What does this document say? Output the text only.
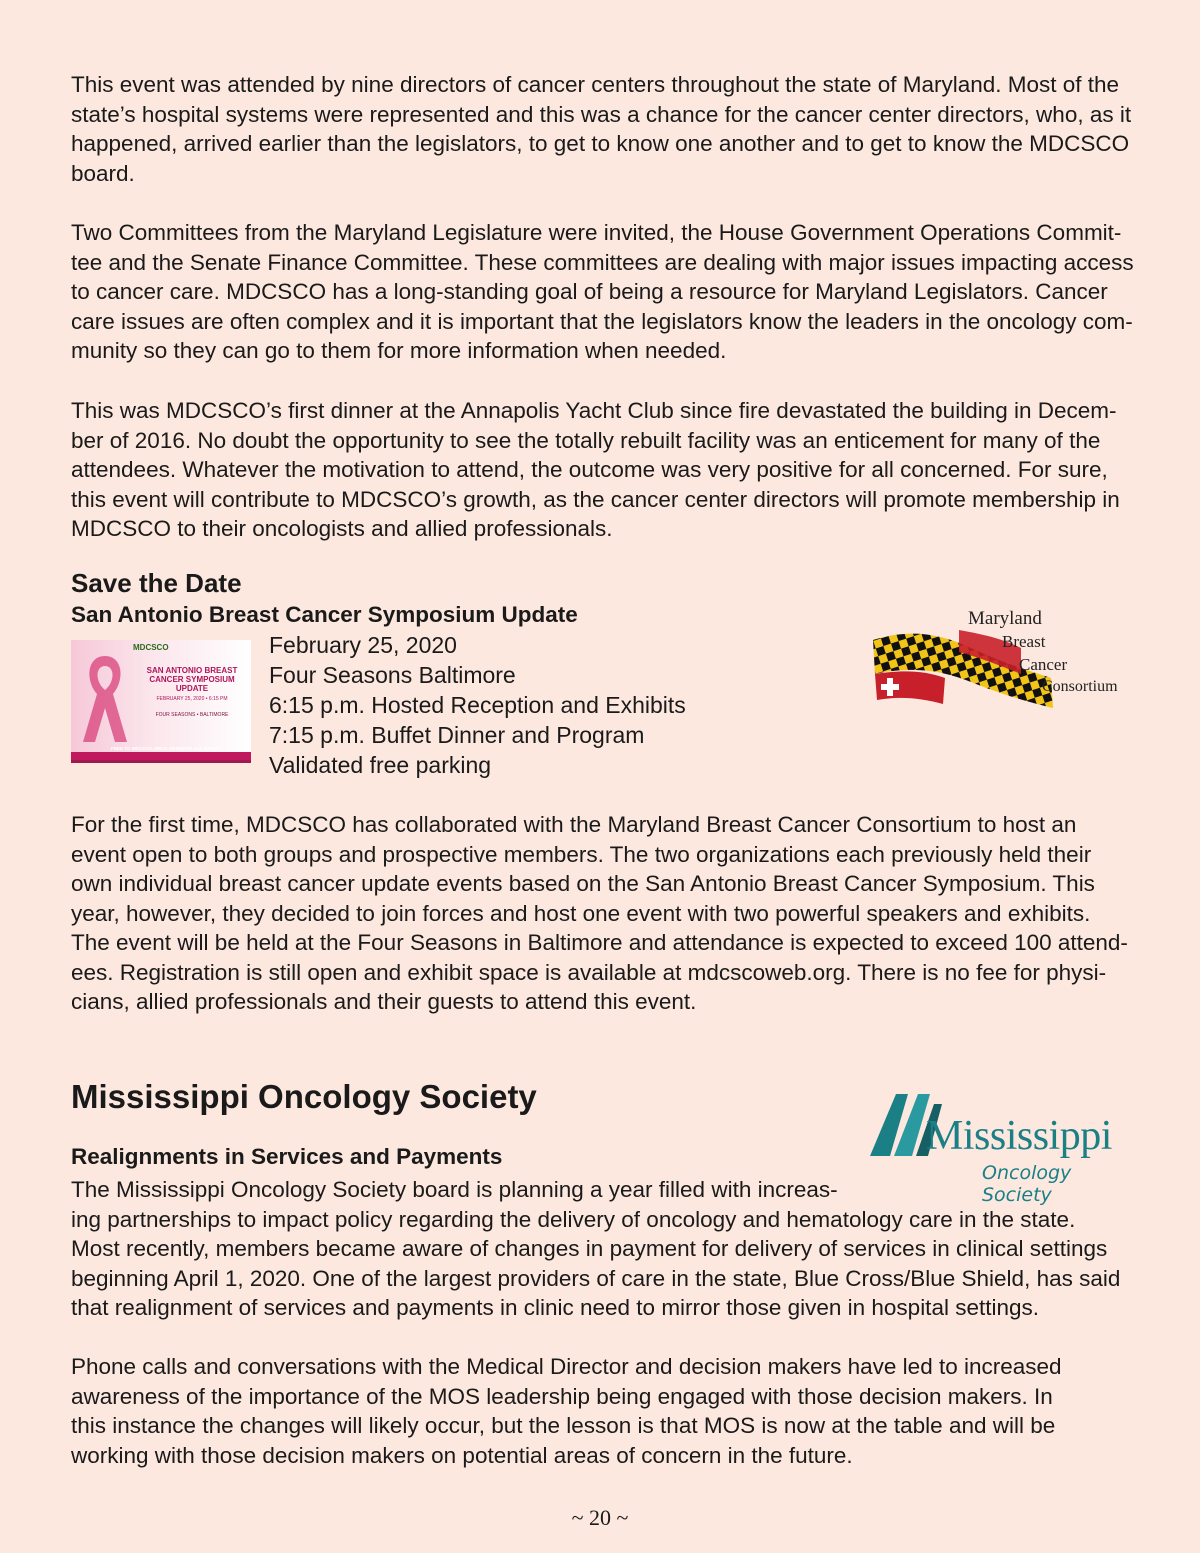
This event was attended by nine directors of cancer centers throughout the state of Maryland. Most of the
state’s hospital systems were represented and this was a chance for the cancer center directors, who, as it
happened, arrived earlier than the legislators, to get to know one another and to get to know the MDCSCO
board.

Two Committees from the Maryland Legislature were invited, the House Government Operations Commit-
tee and the Senate Finance Committee. These committees are dealing with major issues impacting access
to cancer care. MDCSCO has a long-standing goal of being a resource for Maryland Legislators. Cancer
care issues are often complex and it is important that the legislators know the leaders in the oncology com-
munity so they can go to them for more information when needed.

This was MDCSCO’s first dinner at the Annapolis Yacht Club since fire devastated the building in Decem-
ber of 2016. No doubt the opportunity to see the totally rebuilt facility was an enticement for many of the
attendees. Whatever the motivation to attend, the outcome was very positive for all concerned. For sure,
this event will contribute to MDCSCO’s growth, as the cancer center directors will promote membership in
MDCSCO to their oncologists and allied professionals.

Save the Date
San Antonio Breast Cancer Symposium Update
MDCSCO
SAN ANTONIO BREAST CANCER SYMPOSIUM UPDATE
FEBRUARY 25, 2020 • 6:15 PM
FOUR SEASONS • BALTIMORE
FREE TO MDCSCO, MBCC MEMBERS and GUESTS
February 25, 2020
Four Seasons Baltimore
6:15 p.m. Hosted Reception and Exhibits
7:15 p.m. Buffet Dinner and Program
Validated free parking
Maryland
Breast
Cancer
Consortium

For the first time, MDCSCO has collaborated with the Maryland Breast Cancer Consortium to host an
event open to both groups and prospective members. The two organizations each previously held their
own individual breast cancer update events based on the San Antonio Breast Cancer Symposium. This
year, however, they decided to join forces and host one event with two powerful speakers and exhibits.
The event will be held at the Four Seasons in Baltimore and attendance is expected to exceed 100 attend-
ees. Registration is still open and exhibit space is available at mdcscoweb.org. There is no fee for physi-
cians, allied professionals and their guests to attend this event.

Mississippi Oncology Society
Mississippi
Oncology Society
Realignments in Services and Payments

The Mississippi Oncology Society board is planning a year filled with increas-
ing partnerships to impact policy regarding the delivery of oncology and hematology care in the state.
Most recently, members became aware of changes in payment for delivery of services in clinical settings
beginning April 1, 2020. One of the largest providers of care in the state, Blue Cross/Blue Shield, has said
that realignment of services and payments in clinic need to mirror those given in hospital settings.

Phone calls and conversations with the Medical Director and decision makers have led to increased
awareness of the importance of the MOS leadership being engaged with those decision makers. In
this instance the changes will likely occur, but the lesson is that MOS is now at the table and will be
working with those decision makers on potential areas of concern in the future.

~ 20 ~
